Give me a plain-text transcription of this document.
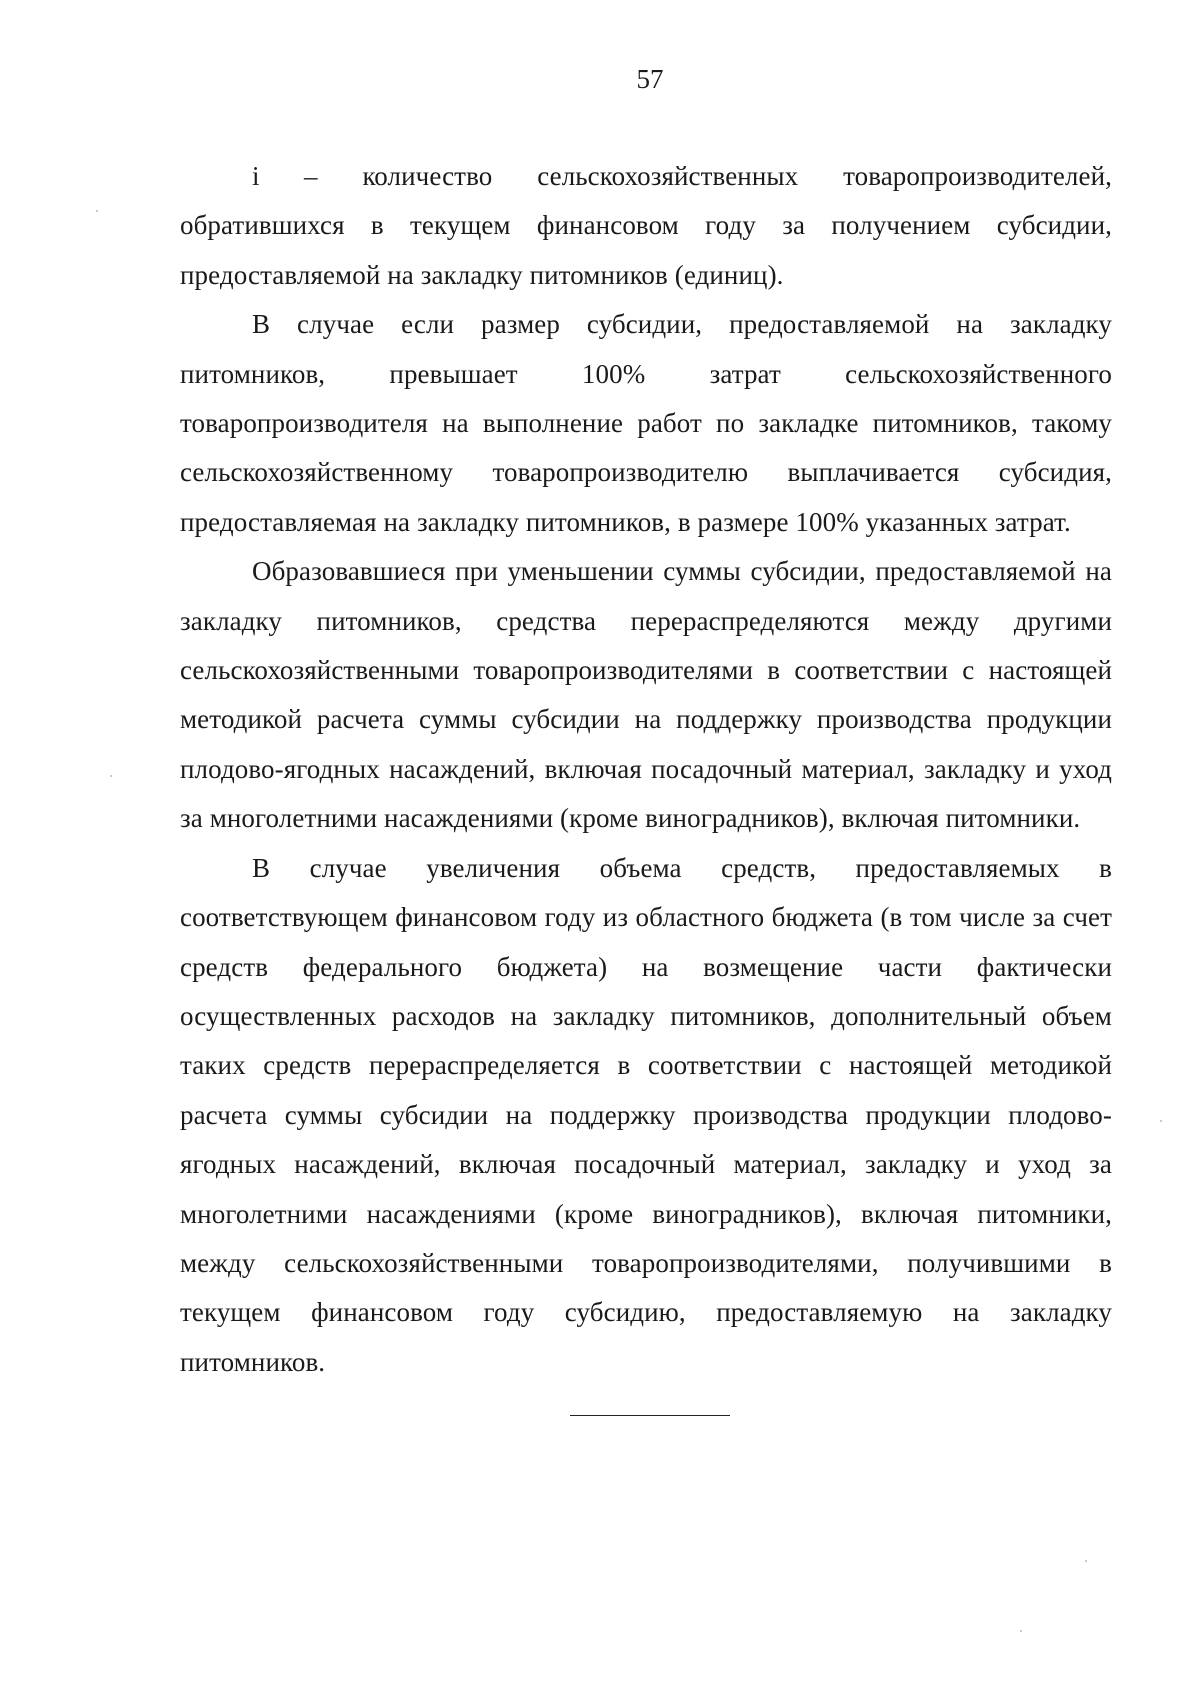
57

i – количество сельскохозяйственных товаропроизводителей, обратившихся в текущем финансовом году за получением субсидии, предоставляемой на закладку питомников (единиц).

В случае если размер субсидии, предоставляемой на закладку питомников, превышает 100% затрат сельскохозяйственного товаропроизводителя на выполнение работ по закладке питомников, такому сельскохозяйственному товаропроизводителю выплачивается субсидия, предоставляемая на закладку питомников, в размере 100% указанных затрат.

Образовавшиеся при уменьшении суммы субсидии, предоставляемой на закладку питомников, средства перераспределяются между другими сельскохозяйственными товаропроизводителями в соответствии с настоящей методикой расчета суммы субсидии на поддержку производства продукции плодово-ягодных насаждений, включая посадочный материал, закладку и уход за многолетними насаждениями (кроме виноградников), включая питомники.

В случае увеличения объема средств, предоставляемых в соответствующем финансовом году из областного бюджета (в том числе за счет средств федерального бюджета) на возмещение части фактически осуществленных расходов на закладку питомников, дополнительный объем таких средств перераспределяется в соответствии с настоящей методикой расчета суммы субсидии на поддержку производства продукции плодово-ягодных насаждений, включая посадочный материал, закладку и уход за многолетними насаждениями (кроме виноградников), включая питомники, между сельскохозяйственными товаропроизводителями, получившими в текущем финансовом году субсидию, предоставляемую на закладку питомников.
